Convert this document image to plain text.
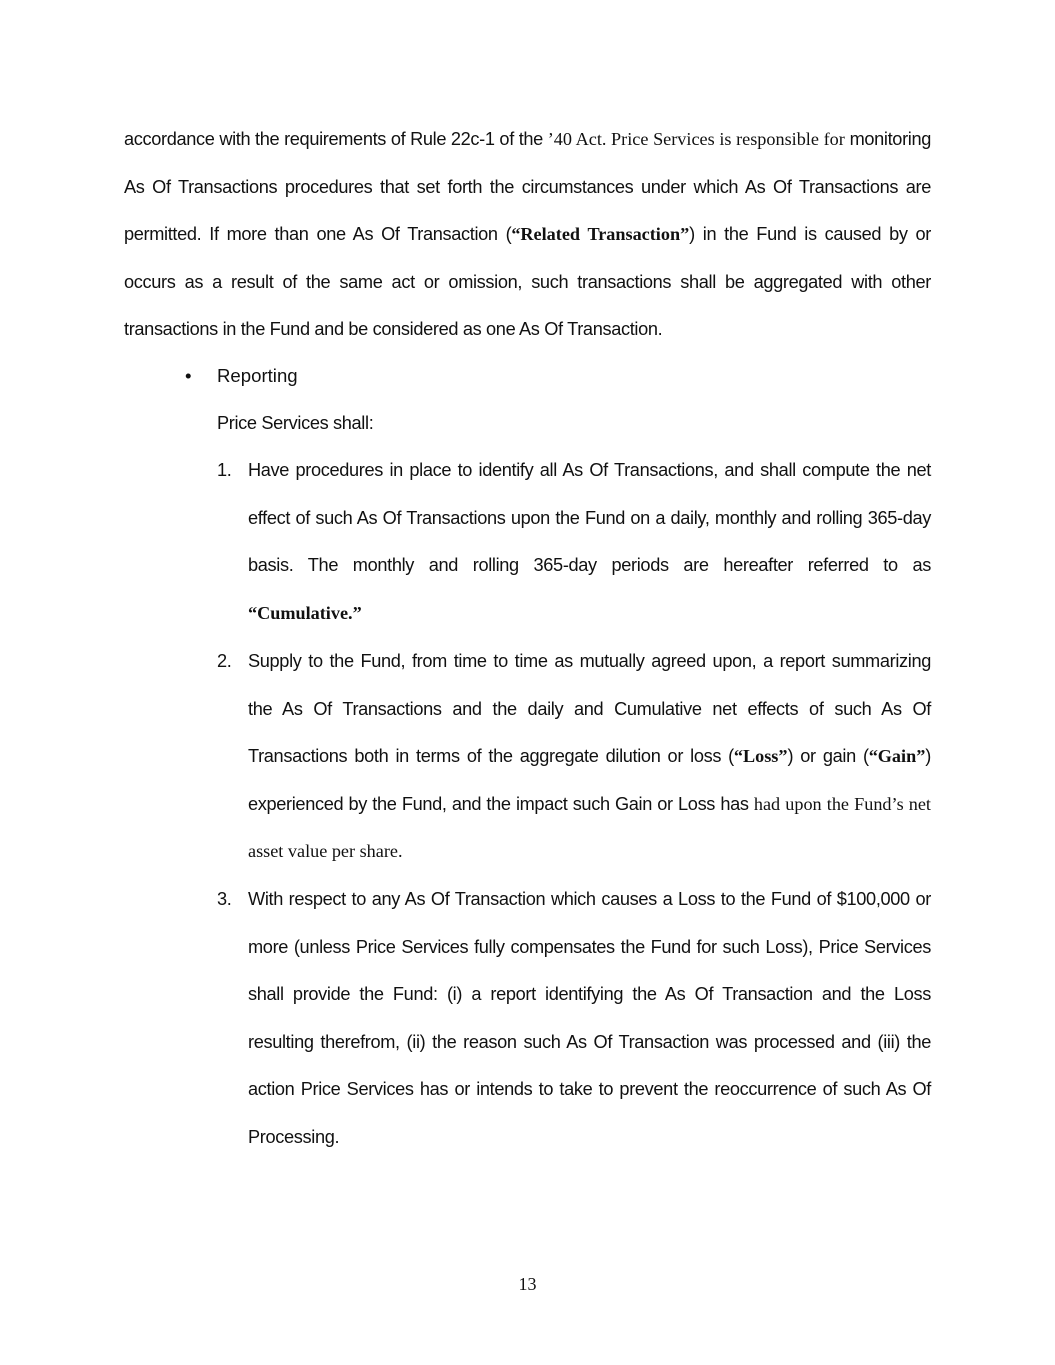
accordance with the requirements of Rule 22c-1 of the ’40 Act. Price Services is responsible for monitoring As Of Transactions procedures that set forth the circumstances under which As Of Transactions are permitted. If more than one As Of Transaction (“Related Transaction”) in the Fund is caused by or occurs as a result of the same act or omission, such transactions shall be aggregated with other transactions in the Fund and be considered as one As Of Transaction.
• Reporting
Price Services shall:
1. Have procedures in place to identify all As Of Transactions, and shall compute the net effect of such As Of Transactions upon the Fund on a daily, monthly and rolling 365-day basis. The monthly and rolling 365-day periods are hereafter referred to as “Cumulative.”
2. Supply to the Fund, from time to time as mutually agreed upon, a report summarizing the As Of Transactions and the daily and Cumulative net effects of such As Of Transactions both in terms of the aggregate dilution or loss (“Loss”) or gain (“Gain”) experienced by the Fund, and the impact such Gain or Loss has had upon the Fund’s net asset value per share.
3. With respect to any As Of Transaction which causes a Loss to the Fund of $100,000 or more (unless Price Services fully compensates the Fund for such Loss), Price Services shall provide the Fund: (i) a report identifying the As Of Transaction and the Loss resulting therefrom, (ii) the reason such As Of Transaction was processed and (iii) the action Price Services has or intends to take to prevent the reoccurrence of such As Of Processing.
13
